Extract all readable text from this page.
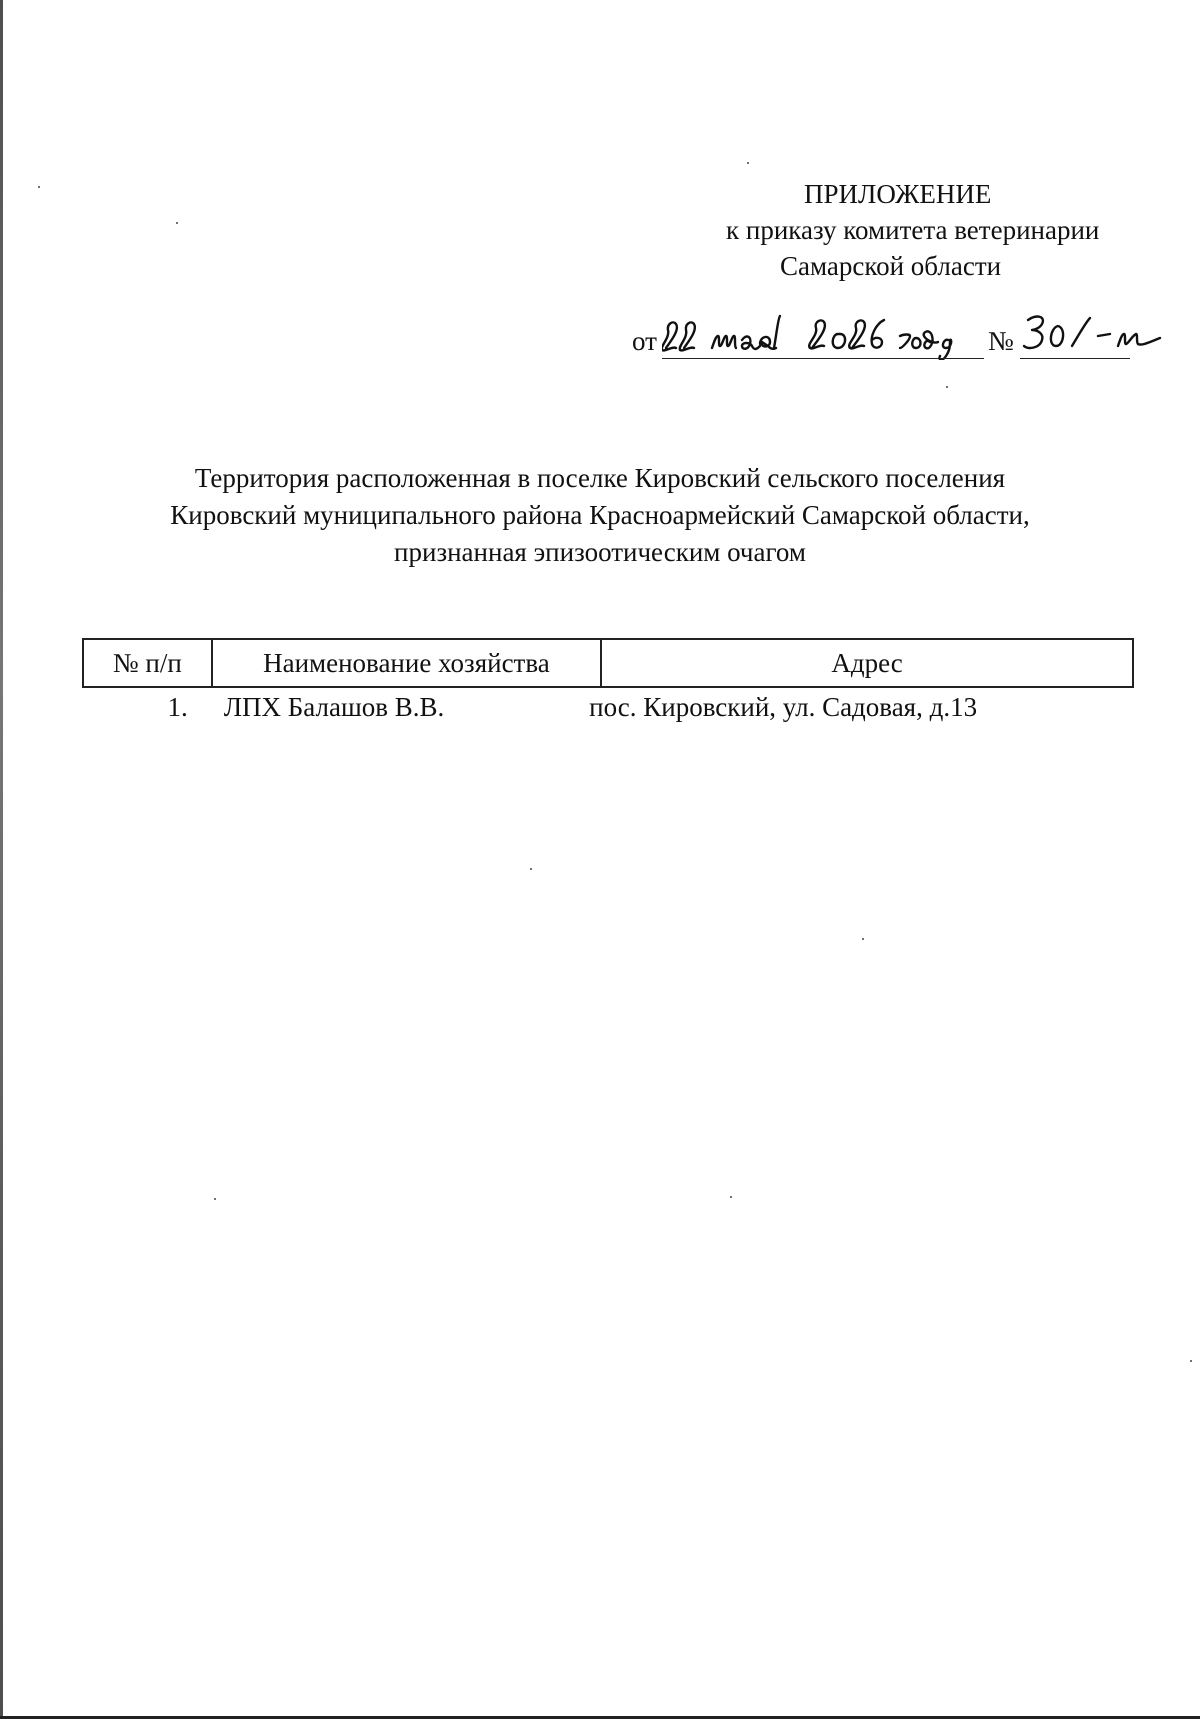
ПРИЛОЖЕНИЕ
к приказу комитета ветеринарии
Самарской области
от	№
Территория расположенная в поселке Кировский сельского поселения
Кировский муниципального района Красноармейский Самарской области,
признанная эпизоотическим очагом
№ п/п	Наименование хозяйства	Адрес
1.	ЛПХ Балашов В.В.	пос. Кировский, ул. Садовая, д.13
